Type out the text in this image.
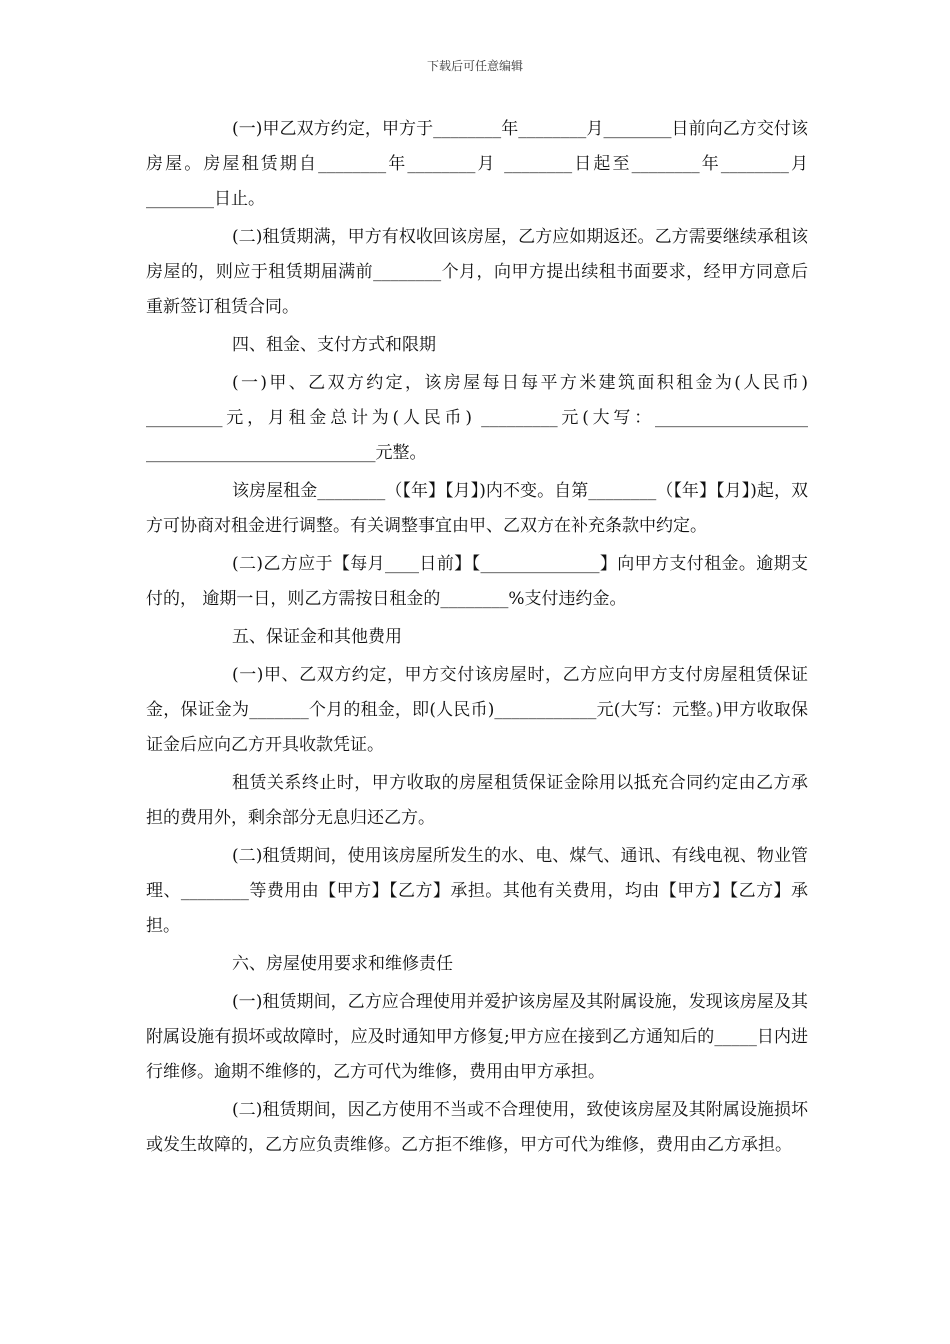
下载后可任意编辑

(一)甲乙双方约定，甲方于________年________月________日前向乙方交付该房屋。房屋租赁期自________年________月 ________日起至________年________月________日止。

(二)租赁期满，甲方有权收回该房屋，乙方应如期返还。乙方需要继续承租该房屋的，则应于租赁期届满前________个月，向甲方提出续租书面要求，经甲方同意后重新签订租赁合同。

四、租金、支付方式和限期

(一)甲、乙双方约定，该房屋每日每平方米建筑面积租金为(人民币) _________元，月租金总计为(人民币) _________元(大写：__________________ ___________________________元整。

该房屋租金________（【年】【月】)内不变。自第________（【年】【月】)起，双方可协商对租金进行调整。有关调整事宜由甲、乙双方在补充条款中约定。

(二)乙方应于【每月____日前】【______________】向甲方支付租金。逾期支付的， 逾期一日，则乙方需按日租金的________%支付违约金。

五、保证金和其他费用

(一)甲、乙双方约定，甲方交付该房屋时，乙方应向甲方支付房屋租赁保证金，保证金为_______个月的租金，即(人民币)____________元(大写：元整。)甲方收取保证金后应向乙方开具收款凭证。

租赁关系终止时，甲方收取的房屋租赁保证金除用以抵充合同约定由乙方承担的费用外，剩余部分无息归还乙方。

(二)租赁期间，使用该房屋所发生的水、电、煤气、通讯、有线电视、物业管理、________等费用由【甲方】【乙方】承担。其他有关费用，均由【甲方】【乙方】承担。

六、房屋使用要求和维修责任

(一)租赁期间，乙方应合理使用并爱护该房屋及其附属设施，发现该房屋及其附属设施有损坏或故障时，应及时通知甲方修复;甲方应在接到乙方通知后的_____日内进行维修。逾期不维修的，乙方可代为维修，费用由甲方承担。

(二)租赁期间，因乙方使用不当或不合理使用，致使该房屋及其附属设施损坏或发生故障的，乙方应负责维修。乙方拒不维修，甲方可代为维修，费用由乙方承担。
